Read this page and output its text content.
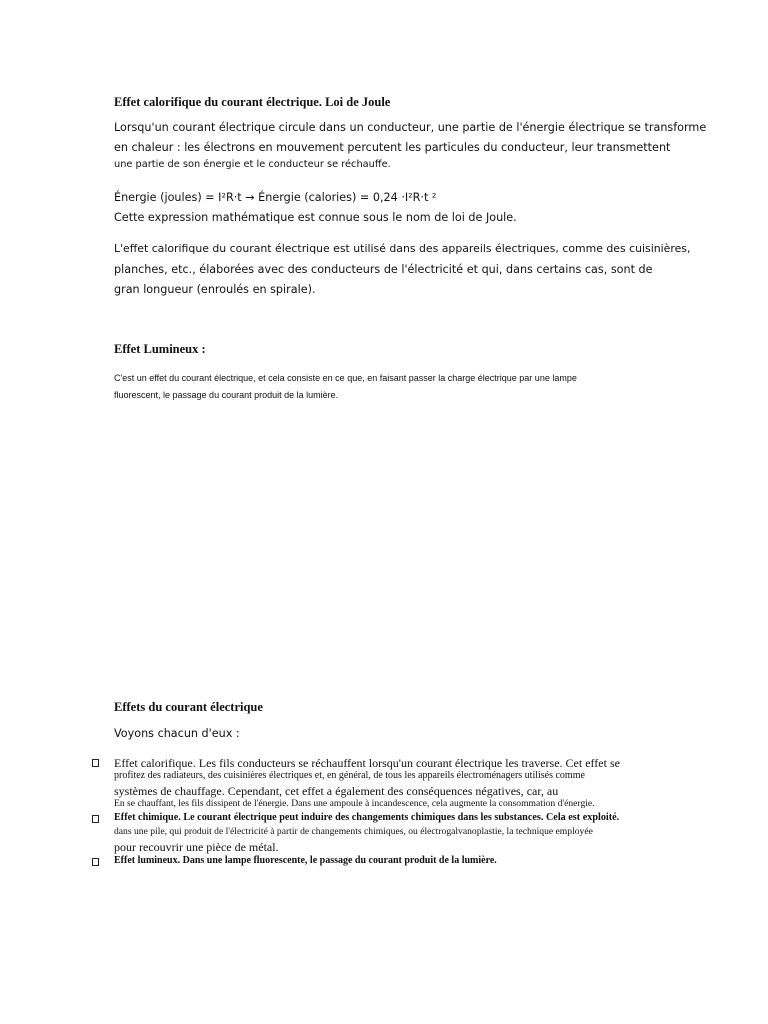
Effet calorifique du courant électrique. Loi de Joule
Lorsqu'un courant électrique circule dans un conducteur, une partie de l'énergie électrique se transforme
en chaleur : les électrons en mouvement percutent les particules du conducteur, leur transmettent
une partie de son énergie et le conducteur se réchauffe.
Énergie (joules) = I²R·t → Énergie (calories) = 0,24 ·I²R·t ²
Cette expression mathématique est connue sous le nom de loi de Joule.
L'effet calorifique du courant électrique est utilisé dans des appareils électriques, comme des cuisinières,
planches, etc., élaborées avec des conducteurs de l'électricité et qui, dans certains cas, sont de
gran longueur (enroulés en spirale).
Effet Lumineux :
C'est un effet du courant électrique, et cela consiste en ce que, en faisant passer la charge électrique par une lampe
fluorescent, le passage du courant produit de la lumière.
Effets du courant électrique
Voyons chacun d'eux :
Effet calorifique. Les fils conducteurs se réchauffent lorsqu'un courant électrique les traverse. Cet effet se
profitez des radiateurs, des cuisinières électriques et, en général, de tous les appareils électroménagers utilisés comme
systèmes de chauffage. Cependant, cet effet a également des conséquences négatives, car, au
En se chauffant, les fils dissipent de l'énergie. Dans une ampoule à incandescence, cela augmente la consommation d'énergie.
Effet chimique. Le courant électrique peut induire des changements chimiques dans les substances. Cela est exploité.
dans une pile, qui produit de l'électricité à partir de changements chimiques, ou électrogalvanoplastie, la technique employée
pour recouvrir une pièce de métal.
Effet lumineux. Dans une lampe fluorescente, le passage du courant produit de la lumière.
